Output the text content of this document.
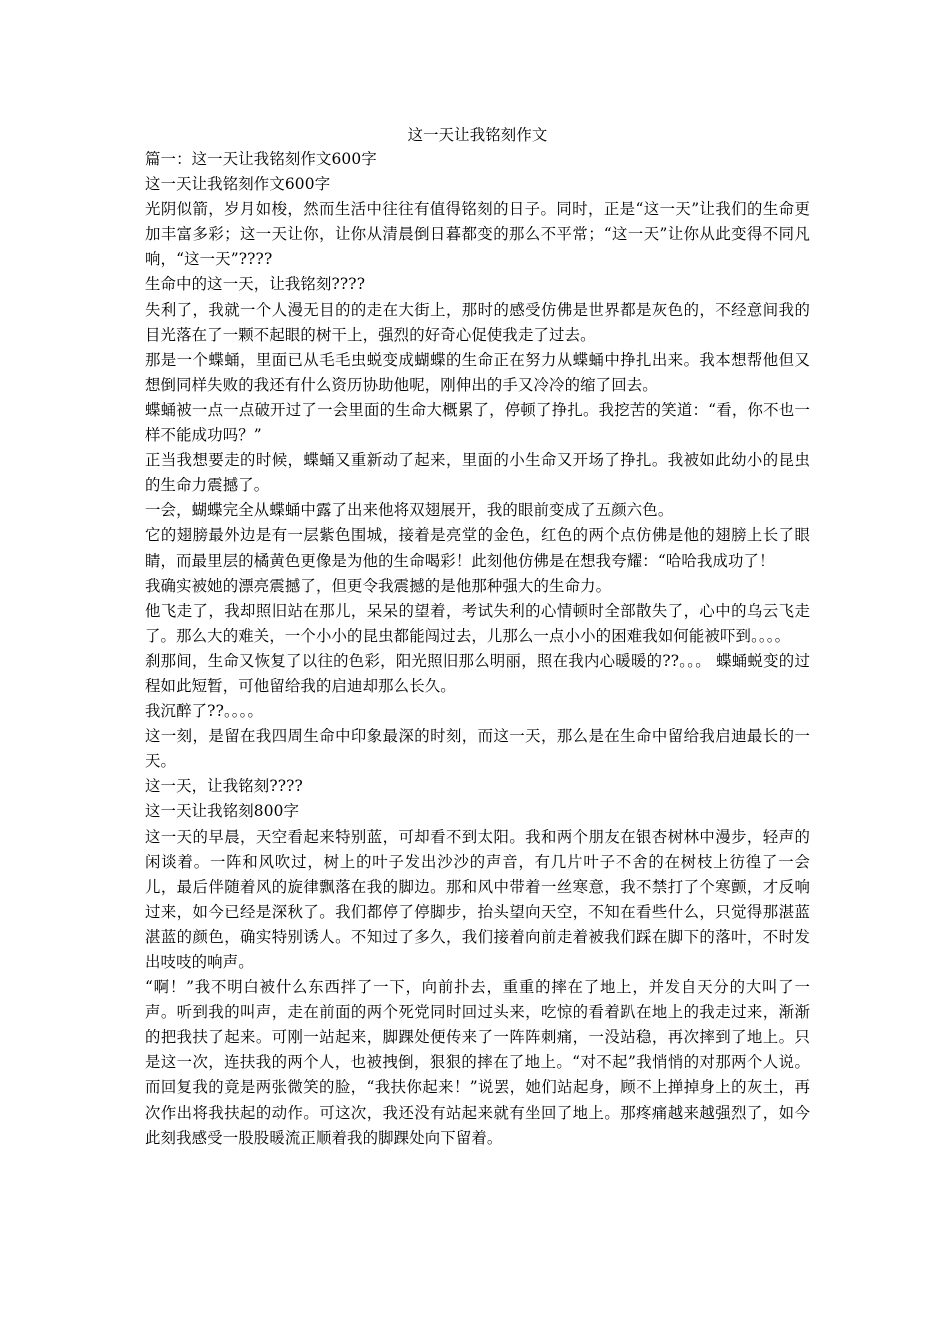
这一天让我铭刻作文

篇一：这一天让我铭刻作文600字

这一天让我铭刻作文600字

光阴似箭，岁月如梭，然而生活中往往有值得铭刻的日子。同时，正是“这一天”让我们的生命更加丰富多彩；这一天让你，让你从清晨倒日暮都变的那么不平常；“这一天”让你从此变得不同凡响，“这一天”????

生命中的这一天，让我铭刻????

失利了，我就一个人漫无目的的走在大街上，那时的感受仿佛是世界都是灰色的，不经意间我的目光落在了一颗不起眼的树干上，强烈的好奇心促使我走了过去。

那是一个蝶蛹，里面已从毛毛虫蜕变成蝴蝶的生命正在努力从蝶蛹中挣扎出来。我本想帮他但又想倒同样失败的我还有什么资历协助他呢，刚伸出的手又冷冷的缩了回去。

蝶蛹被一点一点破开过了一会里面的生命大概累了，停顿了挣扎。我挖苦的笑道：“看，你不也一样不能成功吗？”

正当我想要走的时候，蝶蛹又重新动了起来，里面的小生命又开场了挣扎。我被如此幼小的昆虫的生命力震撼了。

一会，蝴蝶完全从蝶蛹中露了出来他将双翅展开，我的眼前变成了五颜六色。

它的翅膀最外边是有一层紫色围城，接着是亮堂的金色，红色的两个点仿佛是他的翅膀上长了眼睛，而最里层的橘黄色更像是为他的生命喝彩！此刻他仿佛是在想我夸耀：“哈哈我成功了！

我确实被她的漂亮震撼了，但更令我震撼的是他那种强大的生命力。

他飞走了，我却照旧站在那儿，呆呆的望着，考试失利的心情顿时全部散失了，心中的乌云飞走了。那么大的难关，一个小小的昆虫都能闯过去，儿那么一点小小的困难我如何能被吓到。。。。

刹那间，生命又恢复了以往的色彩，阳光照旧那么明丽，照在我内心暖暖的??。。。 蝶蛹蜕变的过程如此短暂，可他留给我的启迪却那么长久。

我沉醉了??。。。。

这一刻，是留在我四周生命中印象最深的时刻，而这一天，那么是在生命中留给我启迪最长的一天。

这一天，让我铭刻????

这一天让我铭刻800字

这一天的早晨，天空看起来特别蓝，可却看不到太阳。我和两个朋友在银杏树林中漫步，轻声的闲谈着。一阵和风吹过，树上的叶子发出沙沙的声音，有几片叶子不舍的在树枝上彷徨了一会儿，最后伴随着风的旋律飘落在我的脚边。那和风中带着一丝寒意，我不禁打了个寒颤，才反响过来，如今已经是深秋了。我们都停了停脚步，抬头望向天空，不知在看些什么，只觉得那湛蓝湛蓝的颜色，确实特别诱人。不知过了多久，我们接着向前走着被我们踩在脚下的落叶，不时发出吱吱的响声。

“啊！”我不明白被什么东西拌了一下，向前扑去，重重的摔在了地上，并发自天分的大叫了一声。听到我的叫声，走在前面的两个死党同时回过头来，吃惊的看着趴在地上的我走过来，渐渐的把我扶了起来。可刚一站起来，脚踝处便传来了一阵阵刺痛，一没站稳，再次摔到了地上。只是这一次，连扶我的两个人，也被拽倒，狠狠的摔在了地上。“对不起”我悄悄的对那两个人说。而回复我的竟是两张微笑的脸，“我扶你起来！”说罢，她们站起身，顾不上掸掉身上的灰土，再次作出将我扶起的动作。可这次，我还没有站起来就有坐回了地上。那疼痛越来越强烈了，如今此刻我感受一股股暖流正顺着我的脚踝处向下留着。
